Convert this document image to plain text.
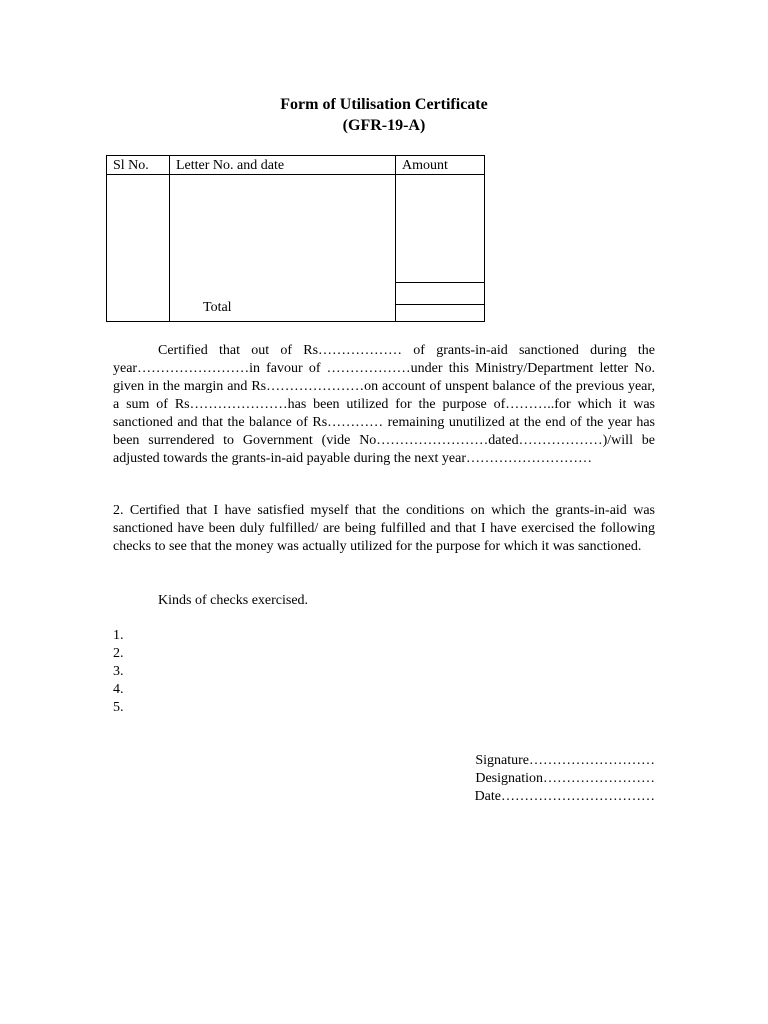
Form of Utilisation Certificate
(GFR-19-A)
Sl No. Letter No. and date	Amount
Total
Certified that out of Rs……………… of grants-in-aid sanctioned during the year……………………in favour of ………………under this Ministry/Department letter No. given in the margin and Rs…………………on account of unspent balance of the previous year, a sum of Rs…………………has been utilized for the purpose of………..for which it was sanctioned and that the balance of Rs………… remaining unutilized at the end of the year has been surrendered to Government (vide No……………………dated………………)/will be adjusted towards the grants-in-aid payable during the next year………………………
2. Certified that I have satisfied myself that the conditions on which the grants-in-aid was sanctioned have been duly fulfilled/ are being fulfilled and that I have exercised the following checks to see that the money was actually utilized for the purpose for which it was sanctioned.
Kinds of checks exercised.
1.
2.
3.
4.
5.
Signature………………………
Designation……………………
Date……………………………
